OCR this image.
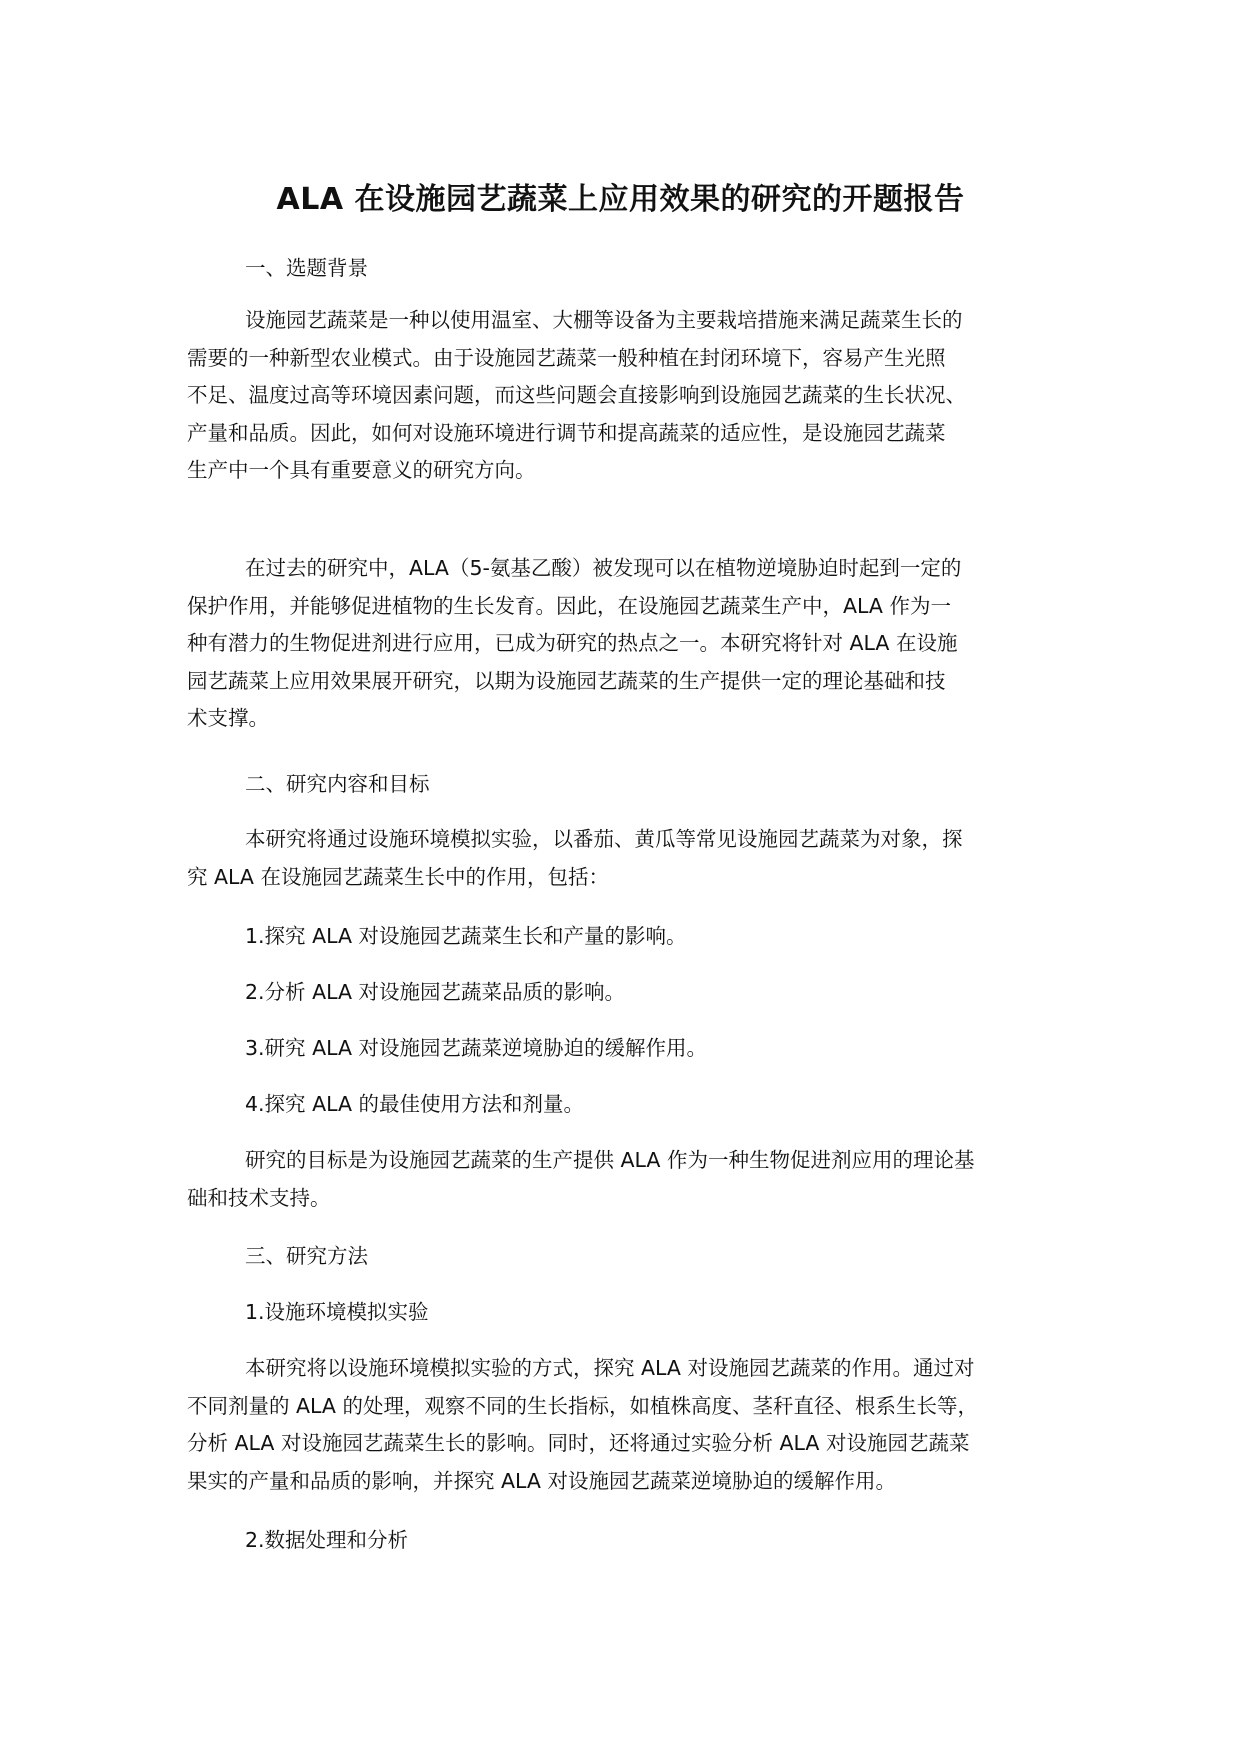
ALA 在设施园艺蔬菜上应用效果的研究的开题报告

一、选题背景

设施园艺蔬菜是一种以使用温室、大棚等设备为主要栽培措施来满足蔬菜生长的
需要的一种新型农业模式。由于设施园艺蔬菜一般种植在封闭环境下，容易产生光照
不足、温度过高等环境因素问题，而这些问题会直接影响到设施园艺蔬菜的生长状况、
产量和品质。因此，如何对设施环境进行调节和提高蔬菜的适应性，是设施园艺蔬菜
生产中一个具有重要意义的研究方向。

在过去的研究中，ALA（5-氨基乙酸）被发现可以在植物逆境胁迫时起到一定的
保护作用，并能够促进植物的生长发育。因此，在设施园艺蔬菜生产中，ALA 作为一
种有潜力的生物促进剂进行应用，已成为研究的热点之一。本研究将针对 ALA 在设施
园艺蔬菜上应用效果展开研究，以期为设施园艺蔬菜的生产提供一定的理论基础和技
术支撑。

二、研究内容和目标

本研究将通过设施环境模拟实验，以番茄、黄瓜等常见设施园艺蔬菜为对象，探
究 ALA 在设施园艺蔬菜生长中的作用，包括：

1.探究 ALA 对设施园艺蔬菜生长和产量的影响。

2.分析 ALA 对设施园艺蔬菜品质的影响。

3.研究 ALA 对设施园艺蔬菜逆境胁迫的缓解作用。

4.探究 ALA 的最佳使用方法和剂量。

研究的目标是为设施园艺蔬菜的生产提供 ALA 作为一种生物促进剂应用的理论基
础和技术支持。

三、研究方法

1.设施环境模拟实验

本研究将以设施环境模拟实验的方式，探究 ALA 对设施园艺蔬菜的作用。通过对
不同剂量的 ALA 的处理，观察不同的生长指标，如植株高度、茎秆直径、根系生长等，
分析 ALA 对设施园艺蔬菜生长的影响。同时，还将通过实验分析 ALA 对设施园艺蔬菜
果实的产量和品质的影响，并探究 ALA 对设施园艺蔬菜逆境胁迫的缓解作用。

2.数据处理和分析
